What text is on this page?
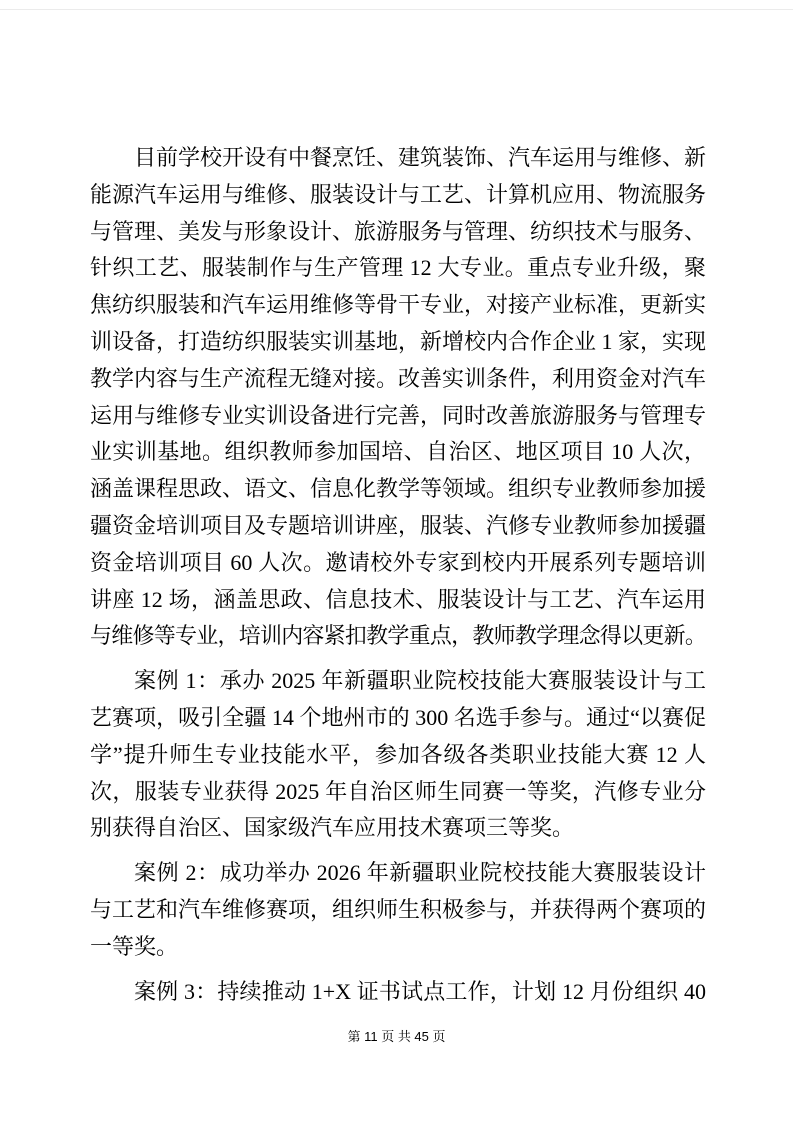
目前学校开设有中餐烹饪、建筑装饰、汽车运用与维修、新
能源汽车运用与维修、服装设计与工艺、计算机应用、物流服务
与管理、美发与形象设计、旅游服务与管理、纺织技术与服务、
针织工艺、服装制作与生产管理 12 大专业。重点专业升级，聚
焦纺织服装和汽车运用维修等骨干专业，对接产业标准，更新实
训设备，打造纺织服装实训基地，新增校内合作企业 1 家，实现
教学内容与生产流程无缝对接。改善实训条件，利用资金对汽车
运用与维修专业实训设备进行完善，同时改善旅游服务与管理专
业实训基地。组织教师参加国培、自治区、地区项目 10 人次，
涵盖课程思政、语文、信息化教学等领域。组织专业教师参加援
疆资金培训项目及专题培训讲座，服装、汽修专业教师参加援疆
资金培训项目 60 人次。邀请校外专家到校内开展系列专题培训
讲座 12 场，涵盖思政、信息技术、服装设计与工艺、汽车运用
与维修等专业，培训内容紧扣教学重点，教师教学理念得以更新。
案例 1：承办 2025 年新疆职业院校技能大赛服装设计与工
艺赛项，吸引全疆 14 个地州市的 300 名选手参与。通过“以赛促
学”提升师生专业技能水平，参加各级各类职业技能大赛 12 人
次，服装专业获得 2025 年自治区师生同赛一等奖，汽修专业分
别获得自治区、国家级汽车应用技术赛项三等奖。
案例 2：成功举办 2026 年新疆职业院校技能大赛服装设计
与工艺和汽车维修赛项，组织师生积极参与，并获得两个赛项的
一等奖。
案例 3：持续推动 1+X 证书试点工作，计划 12 月份组织 40
第 11 页 共 45 页
